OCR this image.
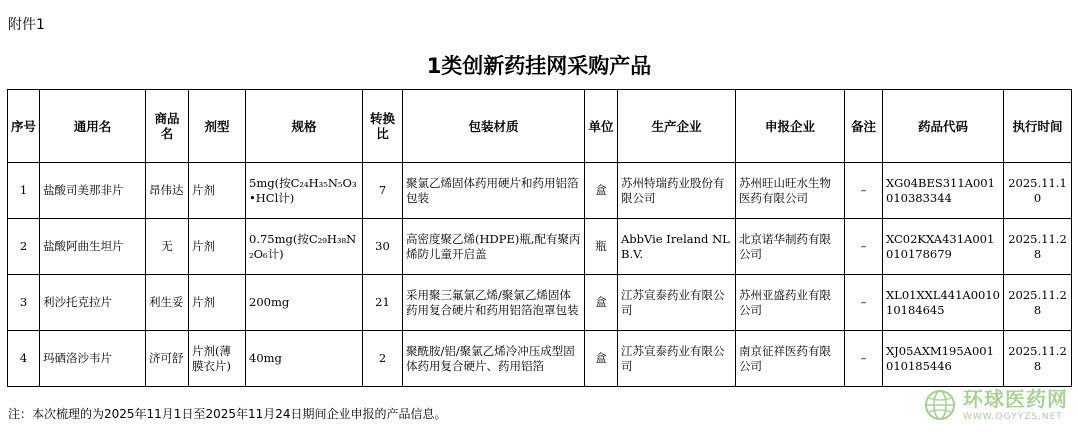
附件1
1类创新药挂网采购产品
序号	通用名	商品名	剂型	规格	转换比	包装材质	单位	生产企业	申报企业	备注	药品代码	执行时间
1	盐酸司美那非片	昂伟达	片剂	5mg(按C₂₄H₃₅N₅O₃•HCl计)	7	聚氯乙烯固体药用硬片和药用铝箔包装	盒	苏州特瑞药业股份有限公司	苏州旺山旺水生物医药有限公司	–	XG04BES311A001010383344	2025.11.10
2	盐酸阿曲生坦片	无	片剂	0.75mg(按C₂₉H₃₈N₂O₆计)	30	高密度聚乙烯(HDPE)瓶,配有聚丙烯防儿童开启盖	瓶	AbbVie Ireland NL B.V.	北京诺华制药有限公司	–	XC02KXA431A001010178679	2025.11.28
3	利沙托克拉片	利生妥	片剂	200mg	21	采用聚三氟氯乙烯/聚氯乙烯固体药用复合硬片和药用铝箔泡罩包装	盒	江苏宣泰药业有限公司	苏州亚盛药业有限公司	–	XL01XXL441A001010184645	2025.11.28
4	玛硒洛沙韦片	济可舒	片剂(薄膜衣片)	40mg	2	聚酰胺/铝/聚氯乙烯冷冲压成型固体药用复合硬片、药用铝箔	盒	江苏宣泰药业有限公司	南京征祥医药有限公司	–	XJ05AXM195A001010185446	2025.11.28
注：本次梳理的为2025年11月1日至2025年11月24日期间企业申报的产品信息。
环球医药网
WWW.QGYYZS.NET
